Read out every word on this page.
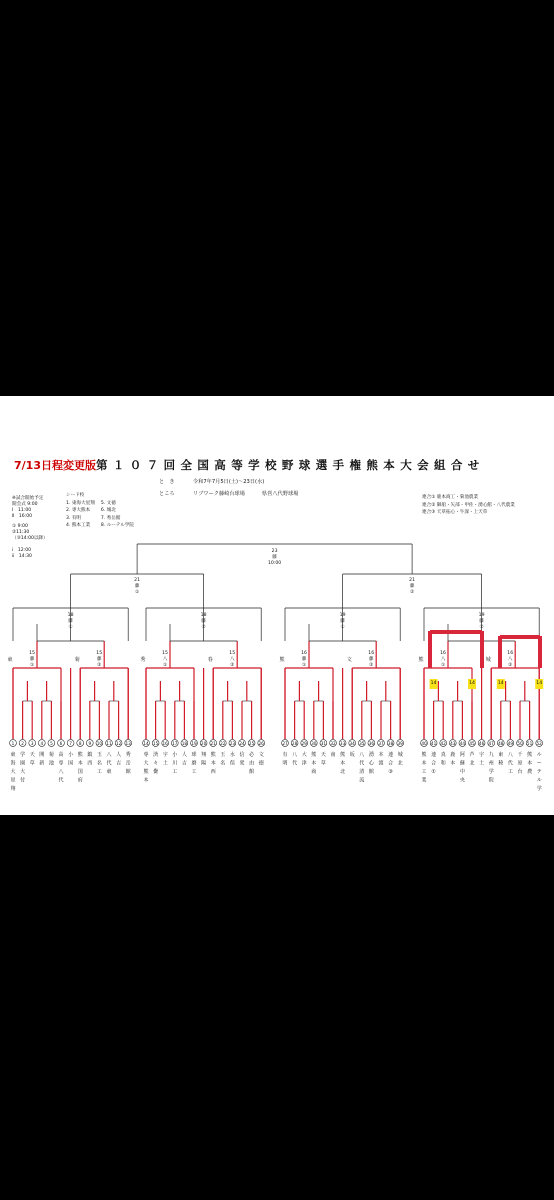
7/13日程変更版 第１０７回全国高等学校野球選手権熊本大会組合せ
と　き	令和7年7月5日(土)～23日(水)
ところ	リブワーク藤崎台球場	県営八代野球場
※試合開始予定
開会式 9:00
Ⅰ　11:00
Ⅱ　16:00
① 9:00
②11:30
（③14:00以降）
ⅰ　12:00
ⅱ　14:30
シード校
1. 東海大星翔
2. 専大熊本
3. 有明
4. 熊本工業
5. 文徳
6. 城北
7. 秀岳館
8. ルーテル学院
連合① 鹿本商工・菊池農業
連合② 御船・矢部・甲佐・湧心館・八代農業
連合③ 天草拓心・牛深・上天草
1
東
海
大
星
翔
2
学
園
大
付
3
天
草
4
開
新
5
菊
池
6
高
専
八
代
7
小
国
8
熊
本
国
府
9
鎮
西
10
玉
名
工
11
八
代
東
12
人
吉
13
秀
岳
館
14
専
大
熊
本
15
済
々
黌
16
宇
土
17
小
川
工
18
人
吉
19
球
磨
工
20
翔
陽
21
熊
本
西
22
玉
名
23
水
俣
24
信
愛
25
必
由
館
26
文
徳
27
有
明
28
八
代
29
大
津
30
熊
本
商
31
天
草
32
南
33
熊
本
北
34
坂
35
八
代
清
流
36
湧
心
館
37
本
渡
38
連
合
③
39
城
北
40
熊
本
工
業
41
連
合
①
42
真
和
43
鹿
本
44
阿
蘇
中
央
45
芦
北
46
宇
土
47
九
州
学
院
48
東
稜
49
八
代
工
50
千
原
台
51
熊
本
農
52
ル
ー
テ
ル
学
15
藤
①
東
15
藤
②
菊
18
藤
①
15
八
①
秀
15
八
②
春
18
藤
②
16
藤
①
熊
16
藤
②
文
19
藤
①
16
八
①
熊
16
八
②
城
19
藤
②
21
藤
①
21
藤
②
23
藤
10:00
14	14	14	14
